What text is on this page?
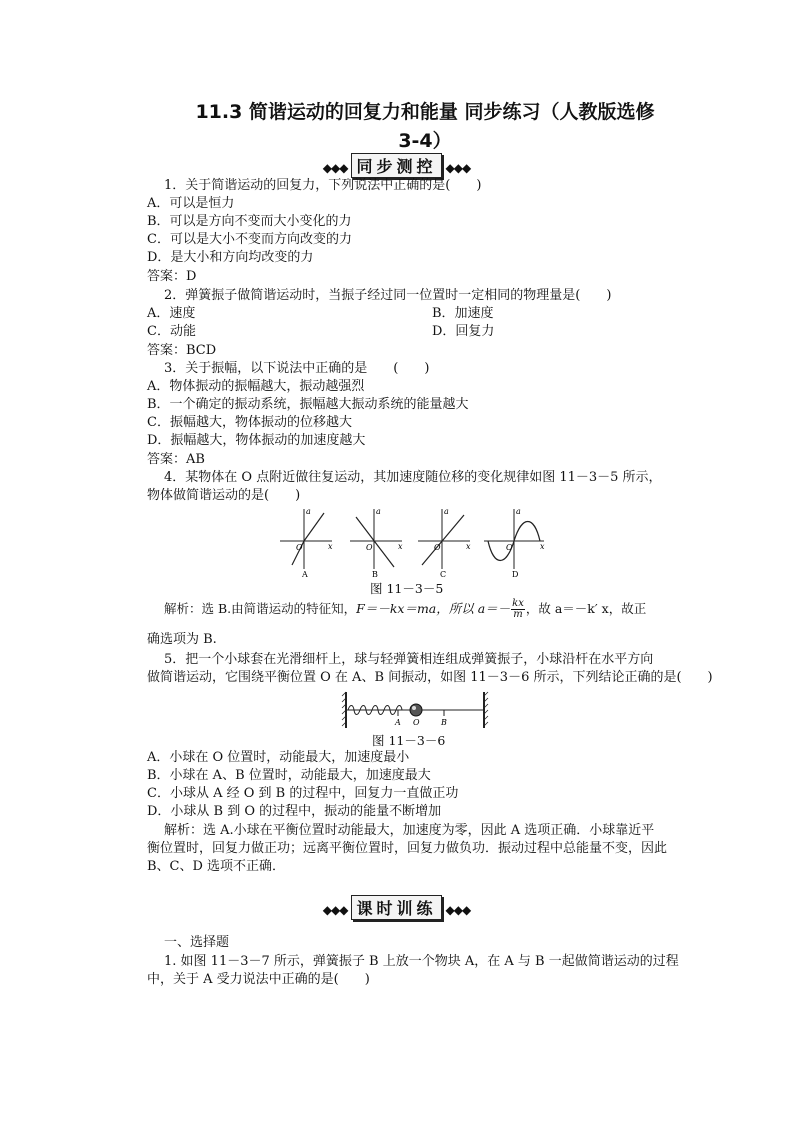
11.3 简谐运动的回复力和能量 同步练习（人教版选修
3-4）
◆◆◆ 同步测控 ◆◆◆
1．关于简谐运动的回复力，下列说法中正确的是(　　)
A．可以是恒力
B．可以是方向不变而大小变化的力
C．可以是大小不变而方向改变的力
D．是大小和方向均改变的力
答案：D
2．弹簧振子做简谐运动时，当振子经过同一位置时一定相同的物理量是(　　)
A．速度	B．加速度
C．动能	D．回复力
答案：BCD
3．关于振幅，以下说法中正确的是　　(　　)
A．物体振动的振幅越大，振动越强烈
B．一个确定的振动系统，振幅越大振动系统的能量越大
C．振幅越大，物体振动的位移越大
D．振幅越大，物体振动的加速度越大
答案：AB
4．某物体在 O 点附近做往复运动，其加速度随位移的变化规律如图 11－3－5 所示，
物体做简谐运动的是(　　)
a
x
O
A
a
x
O
B
a
x
O
C
a
x
O
D
图 11－3－5
解析：选 B.由简谐运动的特征知，F＝－kx＝ma，所以 $a=- \frac{kx}{m}$ ，故 a＝－k′ x，故正
确选项为 B.
5．把一个小球套在光滑细杆上，球与轻弹簧相连组成弹簧振子，小球沿杆在水平方向
做简谐运动，它围绕平衡位置 O 在 A、B 间振动，如图 11－3－6 所示，下列结论正确的是(　　)
A O	B
图 11－3－6
A．小球在 O 位置时，动能最大，加速度最小
B．小球在 A、B 位置时，动能最大，加速度最大
C．小球从 A 经 O 到 B 的过程中，回复力一直做正功
D．小球从 B 到 O 的过程中，振动的能量不断增加
解析：选 A.小球在平衡位置时动能最大，加速度为零，因此 A 选项正确．小球靠近平
衡位置时，回复力做正功；远离平衡位置时，回复力做负功．振动过程中总能量不变，因此
B、C、D 选项不正确．
◆◆◆ 课时训练 ◆◆◆
一、选择题
1. 如图 11－3－7 所示，弹簧振子 B 上放一个物块 A，在 A 与 B 一起做简谐运动的过程
中，关于 A 受力说法中正确的是(　　)
